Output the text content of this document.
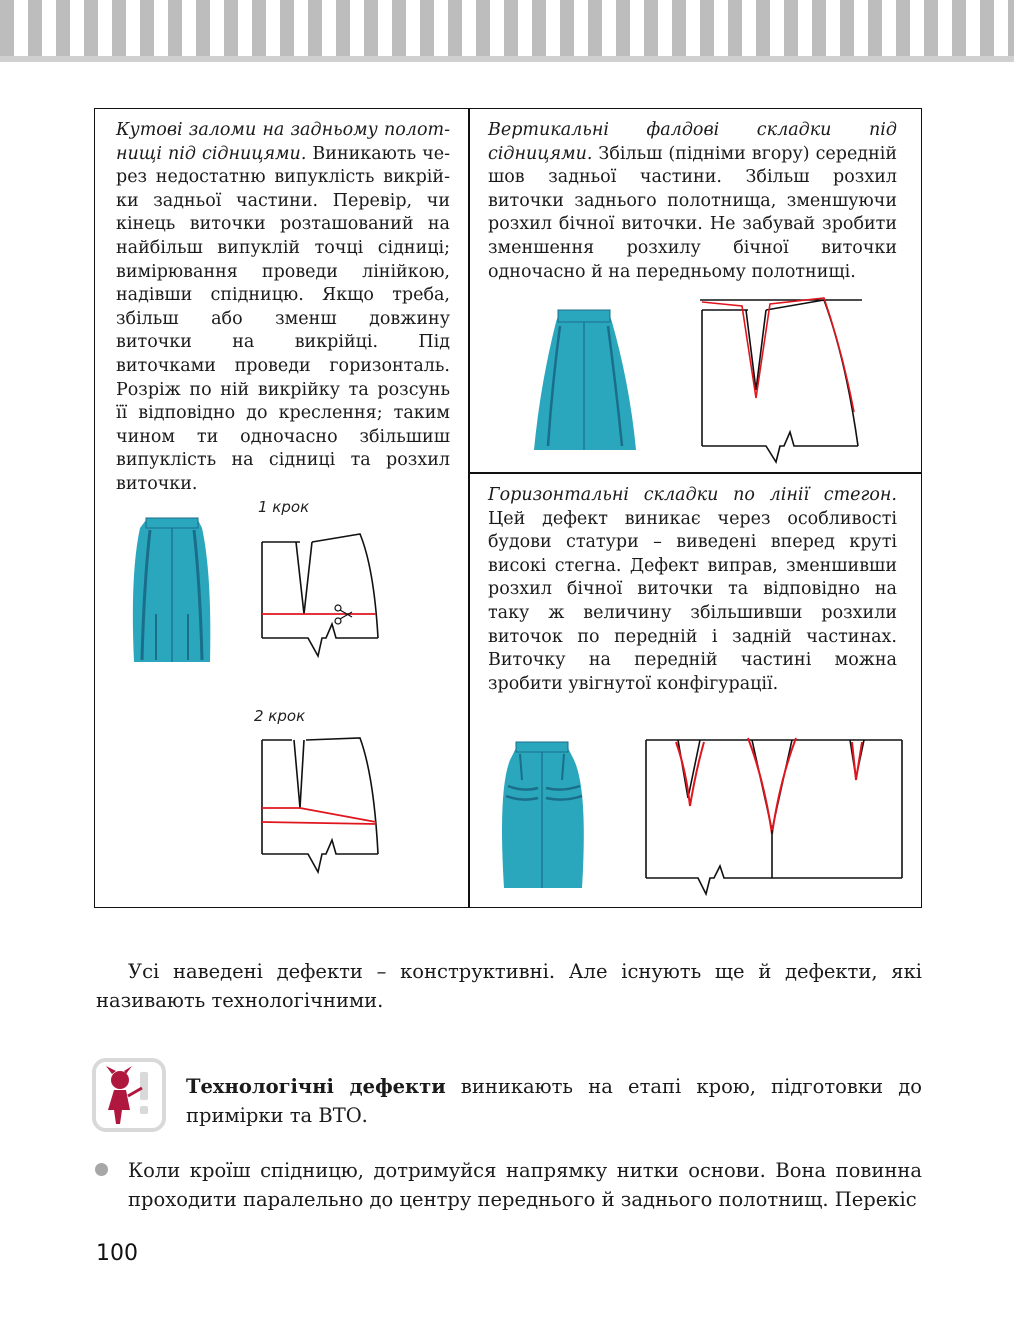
Кутові заломи на задньому полотнищі під сідницями. Виникають через недостатню випуклість викрійки задньої частини. Перевір, чи кінець виточки розташований на найбільш випуклій точці сідниці; вимірювання проведи лінійкою, надівши спідницю. Якщо треба, збільш або зменш довжину виточки на викрійці. Під виточками проведи горизонталь. Розріж по ній викрійку та розсунь її відповідно до креслення; таким чином ти одночасно збільшиш випуклість на сідниці та розхил виточки.
Вертикальні фалдові складки під сідницями. Збільш (підніми вгору) середній шов задньої частини. Збільш розхил виточки заднього полотнища, зменшуючи розхил бічної виточки. Не забувай зробити зменшення розхилу бічної виточки одночасно й на передньому полотнищі.
Горизонтальні складки по лінії стегон. Цей дефект виникає через особливості будови статури – виведені вперед круті високі стегна. Дефект виправ, зменшивши розхил бічної виточки та відповідно на таку ж величину збільшивши розхили виточок по передній і задній частинах. Виточку на передній частині можна зробити увігнутої конфігурації.
1 крок
2 крок
Усі наведені дефекти – конструктивні. Але існують ще й дефекти, які називають технологічними.
Технологічні дефекти виникають на етапі крою, підготовки до примірки та ВТО.
Коли кроїш спідницю, дотримуйся напрямку нитки основи. Вона повинна проходити паралельно до центру переднього й заднього полотнищ. Перекіс
100
